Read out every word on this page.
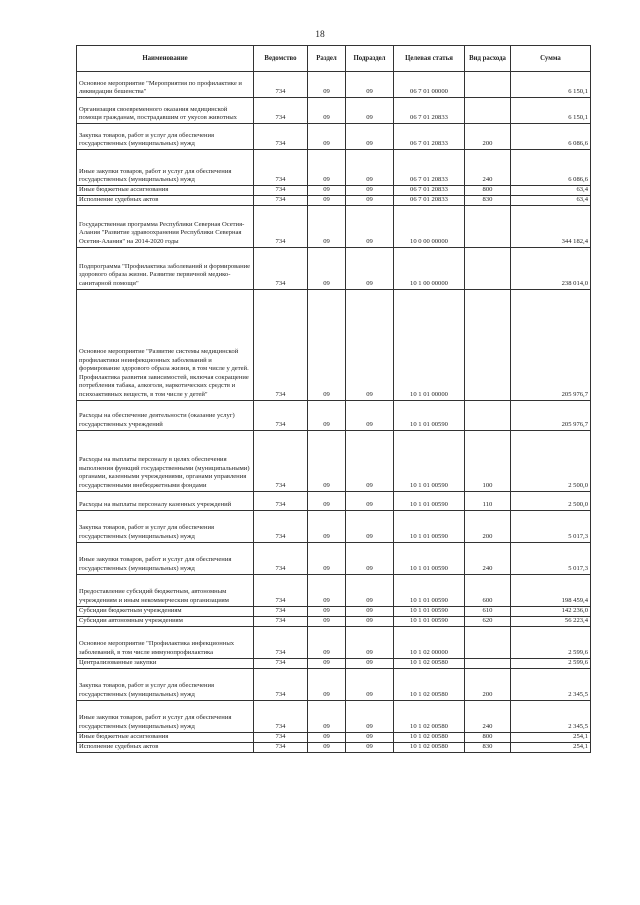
18
Наименование	Ведомство	Раздел	Подраздел	Целевая статья	Вид расхода	Сумма
Основное мероприятие "Мероприятия по профилактике и ликвидации бешенства"	734	09	09	06 7 01 00000		6 150,1
Организация своевременного оказания медицинской помощи гражданам, пострадавшим от укусов животных	734	09	09	06 7 01 20833		6 150,1
Закупка товаров, работ и услуг для обеспечения государственных (муниципальных) нужд	734	09	09	06 7 01 20833	200	6 086,6
Иные закупки товаров, работ и услуг для обеспечения государственных (муниципальных) нужд	734	09	09	06 7 01 20833	240	6 086,6
Иные бюджетные ассигнования	734	09	09	06 7 01 20833	800	63,4
Исполнение судебных актов	734	09	09	06 7 01 20833	830	63,4
Государственная программа Республики Северная Осетия-Алания "Развитие здравоохранения Республики Северная Осетия-Алания" на 2014-2020 годы	734	09	09	10 0 00 00000		344 182,4
Подпрограмма "Профилактика заболеваний и формирование здорового образа жизни. Развитие первичной медико-санитарной помощи"	734	09	09	10 1 00 00000		238 014,0
Основное мероприятие "Развитие системы медицинской профилактики неинфекционных заболеваний и формирование здорового образа жизни, в том числе у детей. Профилактика развития зависимостей, включая сокращение потребления табака, алкоголя, наркотических средств и психоактивных веществ, в том числе у детей"	734	09	09	10 1 01 00000		205 976,7
Расходы на обеспечение деятельности (оказание услуг) государственных учреждений	734	09	09	10 1 01 00590		205 976,7
Расходы на выплаты персоналу в целях обеспечения выполнения функций государственными (муниципальными) органами, казенными учреждениями, органами управления государственными внебюджетными фондами	734	09	09	10 1 01 00590	100	2 500,0
Расходы на выплаты персоналу казенных учреждений	734	09	09	10 1 01 00590	110	2 500,0
Закупка товаров, работ и услуг для обеспечения государственных (муниципальных) нужд	734	09	09	10 1 01 00590	200	5 017,3
Иные закупки товаров, работ и услуг для обеспечения государственных (муниципальных) нужд	734	09	09	10 1 01 00590	240	5 017,3
Предоставление субсидий бюджетным, автономным учреждениям и иным некоммерческим организациям	734	09	09	10 1 01 00590	600	198 459,4
Субсидии бюджетным учреждениям	734	09	09	10 1 01 00590	610	142 236,0
Субсидии автономным учреждениям	734	09	09	10 1 01 00590	620	56 223,4
Основное мероприятие "Профилактика инфекционных заболеваний, в том числе иммунопрофилактика	734	09	09	10 1 02 00000		2 599,6
Централизованные закупки	734	09	09	10 1 02 00580		2 599,6
Закупка товаров, работ и услуг для обеспечения государственных (муниципальных) нужд	734	09	09	10 1 02 00580	200	2 345,5
Иные закупки товаров, работ и услуг для обеспечения государственных (муниципальных) нужд	734	09	09	10 1 02 00580	240	2 345,5
Иные бюджетные ассигнования	734	09	09	10 1 02 00580	800	254,1
Исполнение судебных актов	734	09	09	10 1 02 00580	830	254,1
